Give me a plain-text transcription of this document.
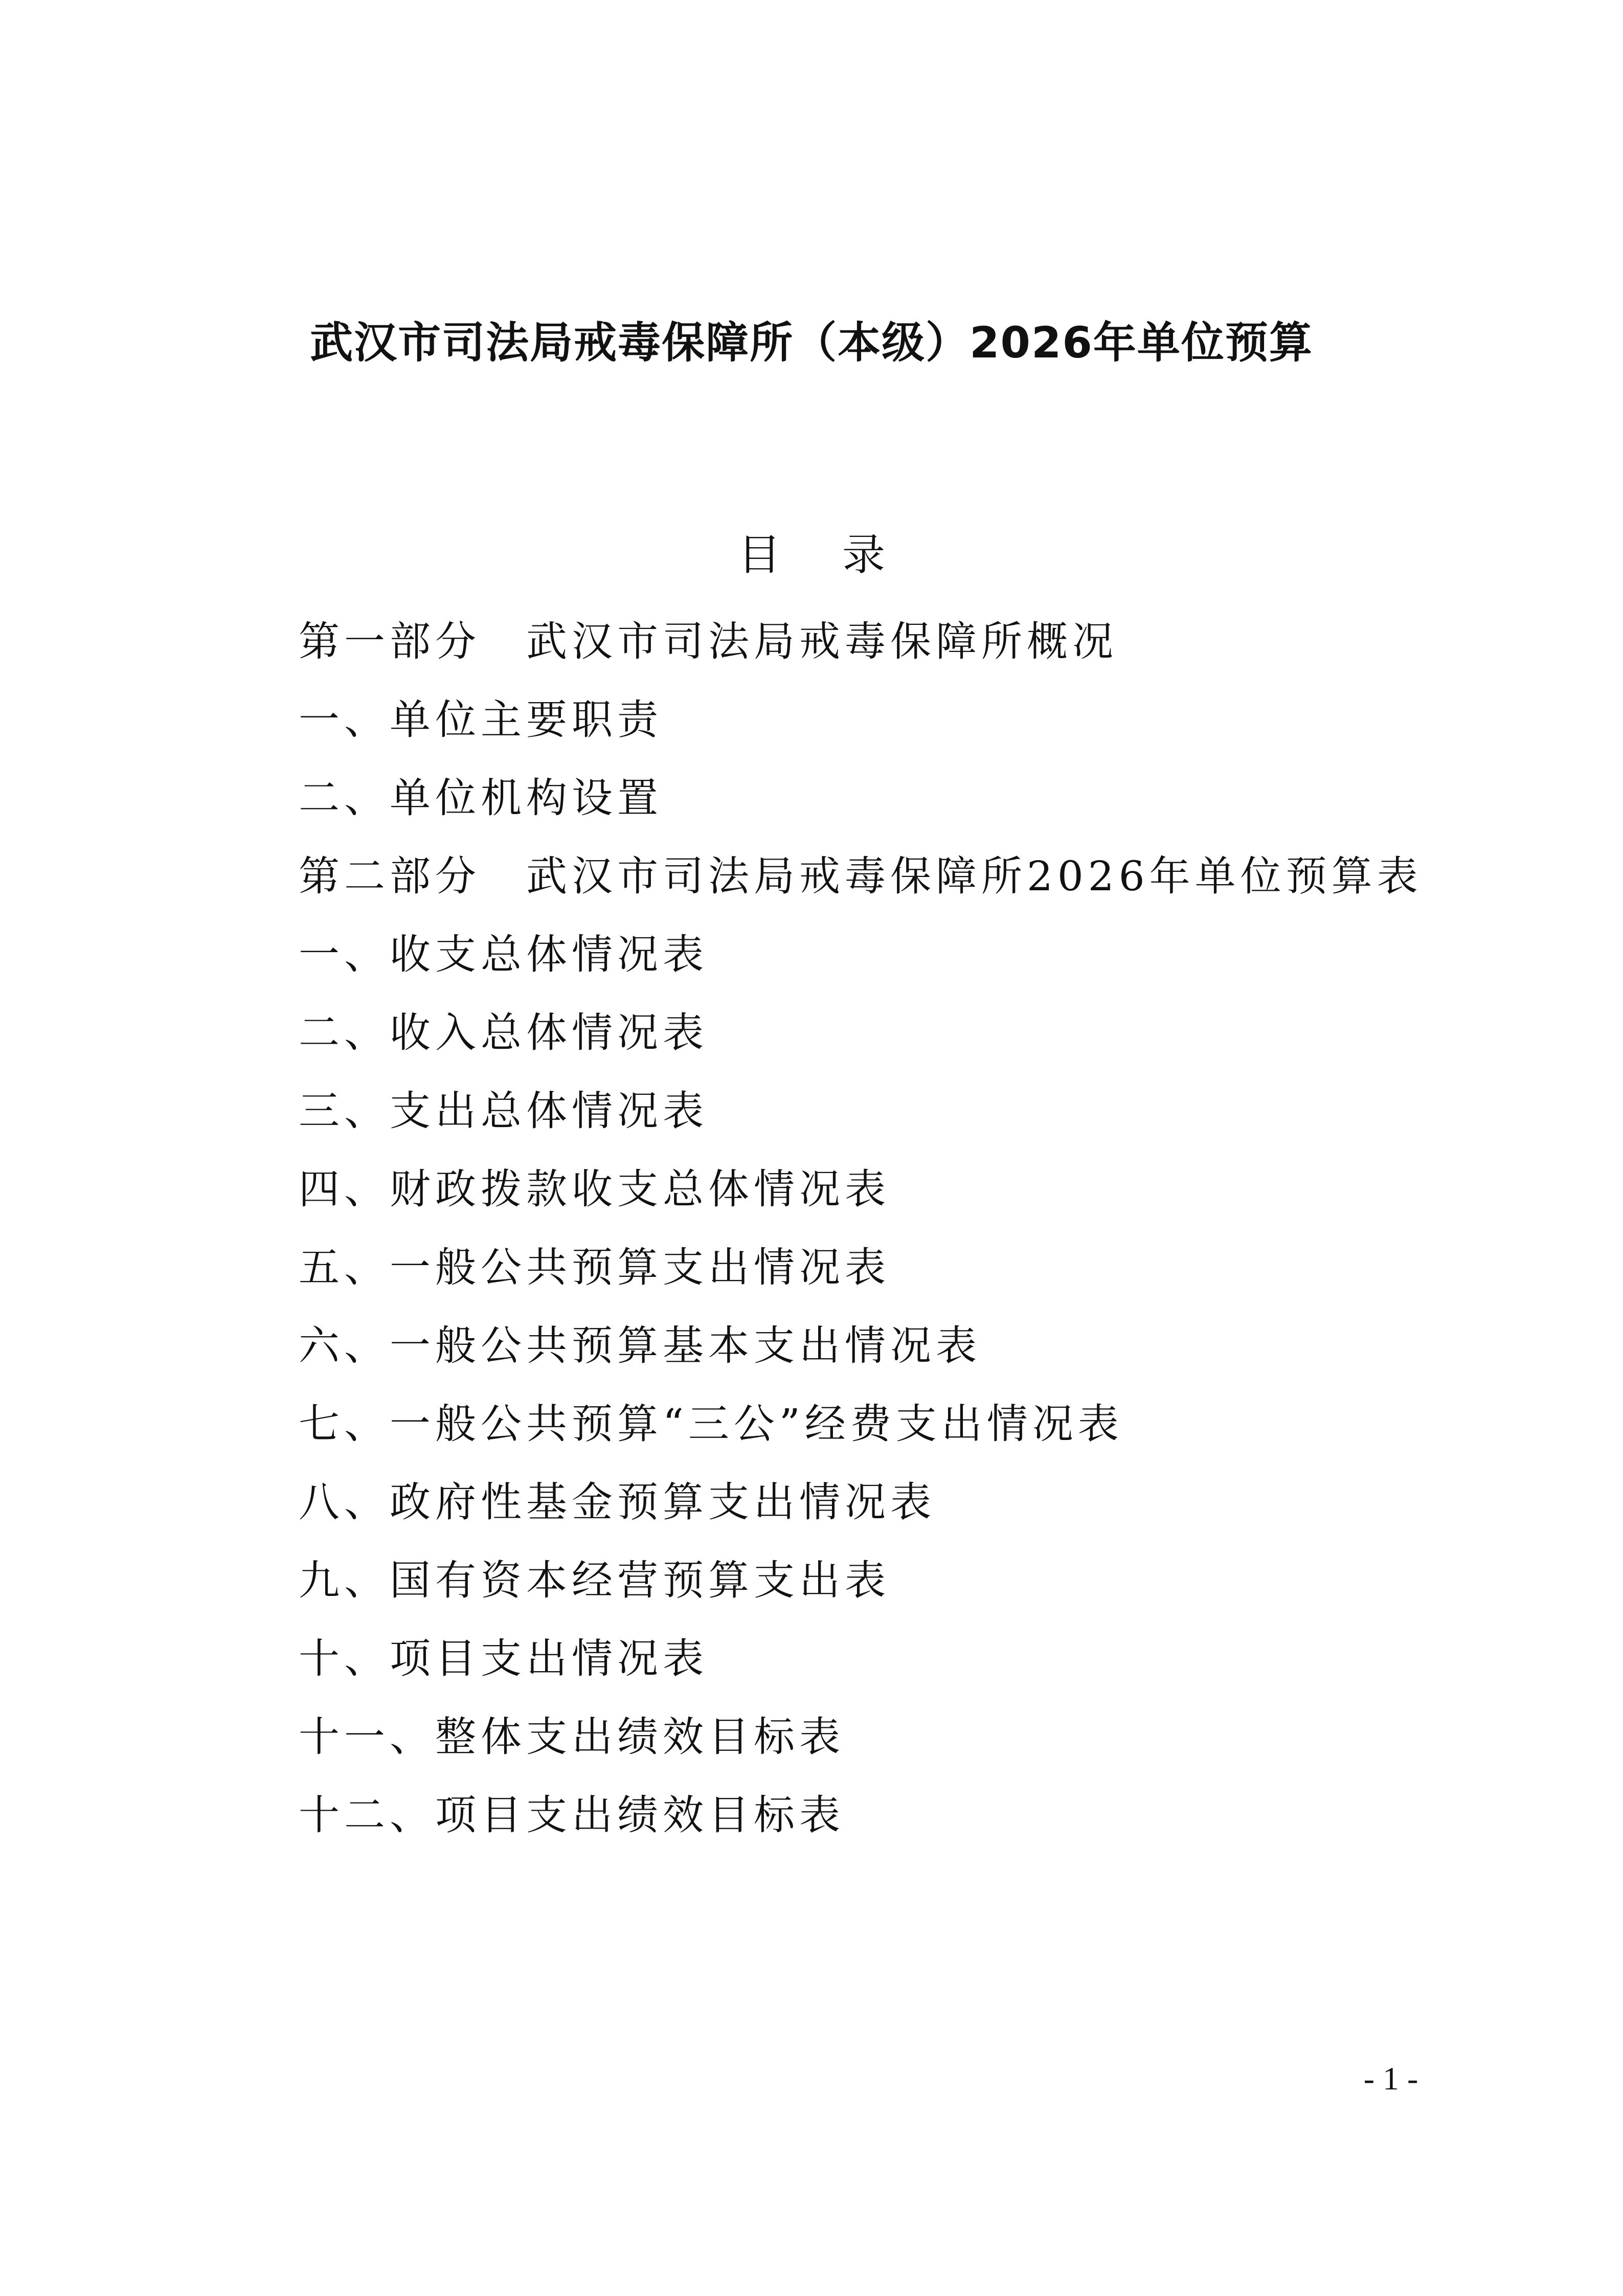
武汉市司法局戒毒保障所（本级）2026年单位预算
目录
第一部分　武汉市司法局戒毒保障所概况
一、单位主要职责
二、单位机构设置
第二部分　武汉市司法局戒毒保障所2026年单位预算表
一、收支总体情况表
二、收入总体情况表
三、支出总体情况表
四、财政拨款收支总体情况表
五、一般公共预算支出情况表
六、一般公共预算基本支出情况表
七、一般公共预算“三公”经费支出情况表
八、政府性基金预算支出情况表
九、国有资本经营预算支出表
十、项目支出情况表
十一、整体支出绩效目标表
十二、项目支出绩效目标表
- 1 -
